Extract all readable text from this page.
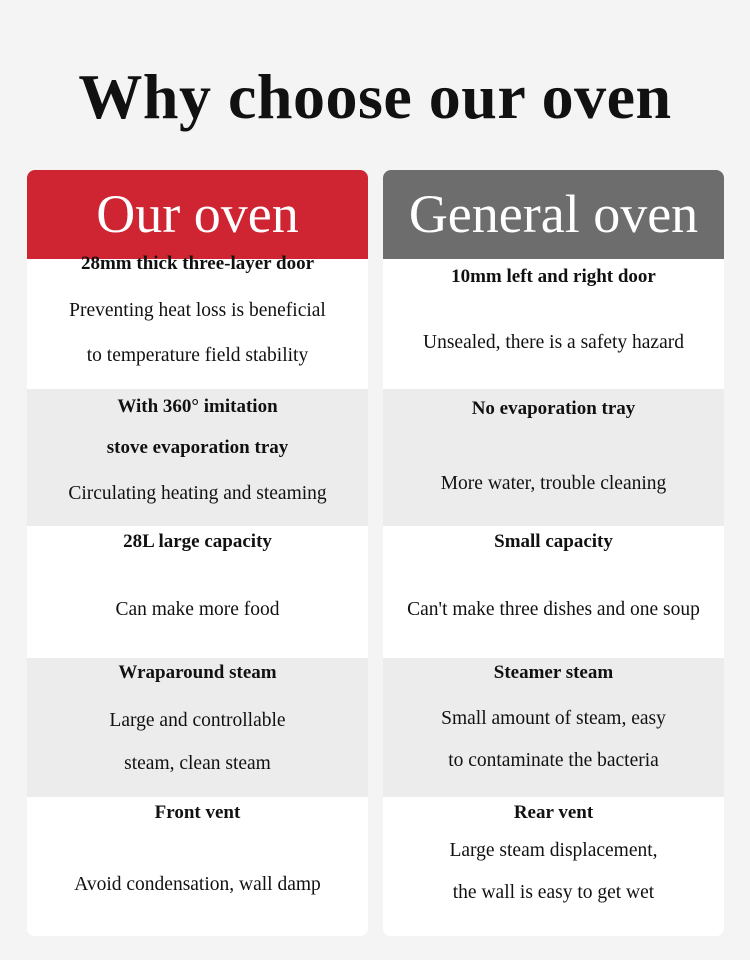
Why choose our oven
Our oven
28mm thick three-layer door
Preventing heat loss is beneficial
to temperature field stability
With 360° imitation
stove evaporation tray
Circulating heating and steaming
28L large capacity
Can make more food
Wraparound steam
Large and controllable
steam, clean steam
Front vent
Avoid condensation, wall damp
General oven
10mm left and right door
Unsealed, there is a safety hazard
No evaporation tray
More water, trouble cleaning
Small capacity
Can't make three dishes and one soup
Steamer steam
Small amount of steam, easy
to contaminate the bacteria
Rear vent
Large steam displacement,
the wall is easy to get wet
